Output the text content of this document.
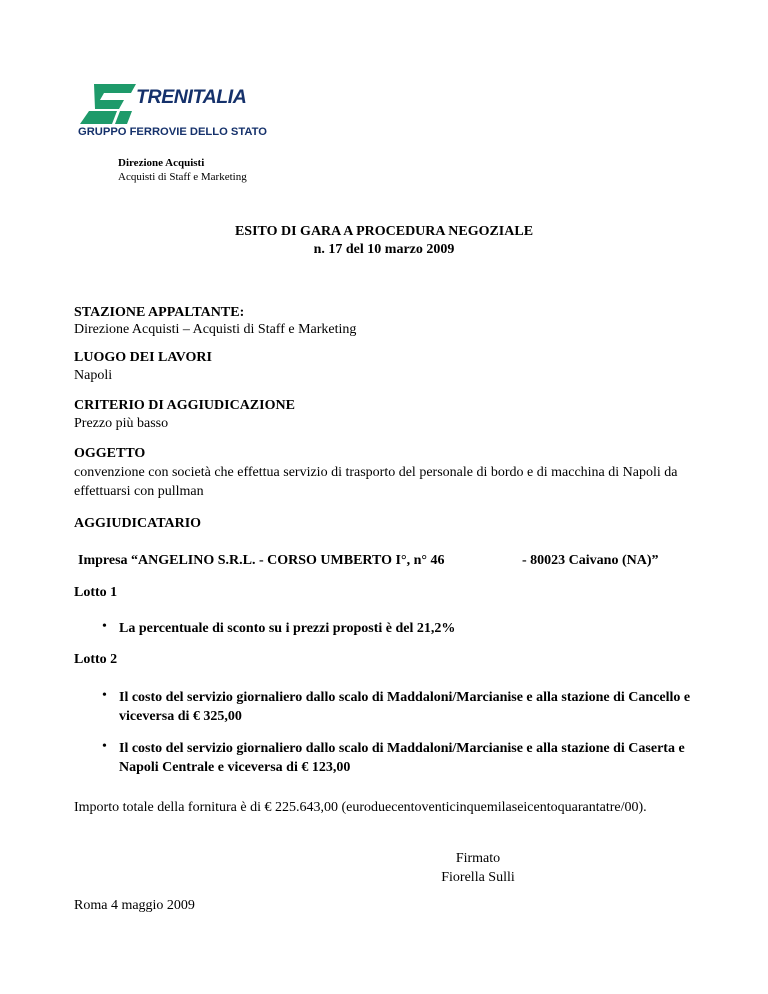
TRENITALIA
GRUPPO FERROVIE DELLO STATO
Direzione Acquisti
Acquisti di Staff e Marketing
ESITO DI GARA A PROCEDURA NEGOZIALE
n. 17 del 10 marzo 2009
STAZIONE APPALTANTE:
Direzione Acquisti – Acquisti di Staff e Marketing
LUOGO DEI LAVORI
Napoli
CRITERIO DI AGGIUDICAZIONE
Prezzo più basso
OGGETTO
convenzione con società che effettua servizio di trasporto del personale di bordo e di macchina di Napoli da effettuarsi con pullman
AGGIUDICATARIO
Impresa “ANGELINO S.R.L. - CORSO UMBERTO I°, n° 46	- 80023 Caivano (NA)”
Lotto 1
• La percentuale di sconto su i prezzi proposti è del 21,2%
Lotto 2
• Il costo del servizio giornaliero dallo scalo di Maddaloni/Marcianise e alla stazione di Cancello e viceversa di € 325,00
• Il costo del servizio giornaliero dallo scalo di Maddaloni/Marcianise e alla stazione di Caserta e Napoli Centrale e viceversa di € 123,00
Importo totale della fornitura è di € 225.643,00 (euroduecentoventicinquemilaseicentoquarantatre/00).
Firmato
Fiorella Sulli
Roma 4 maggio 2009
